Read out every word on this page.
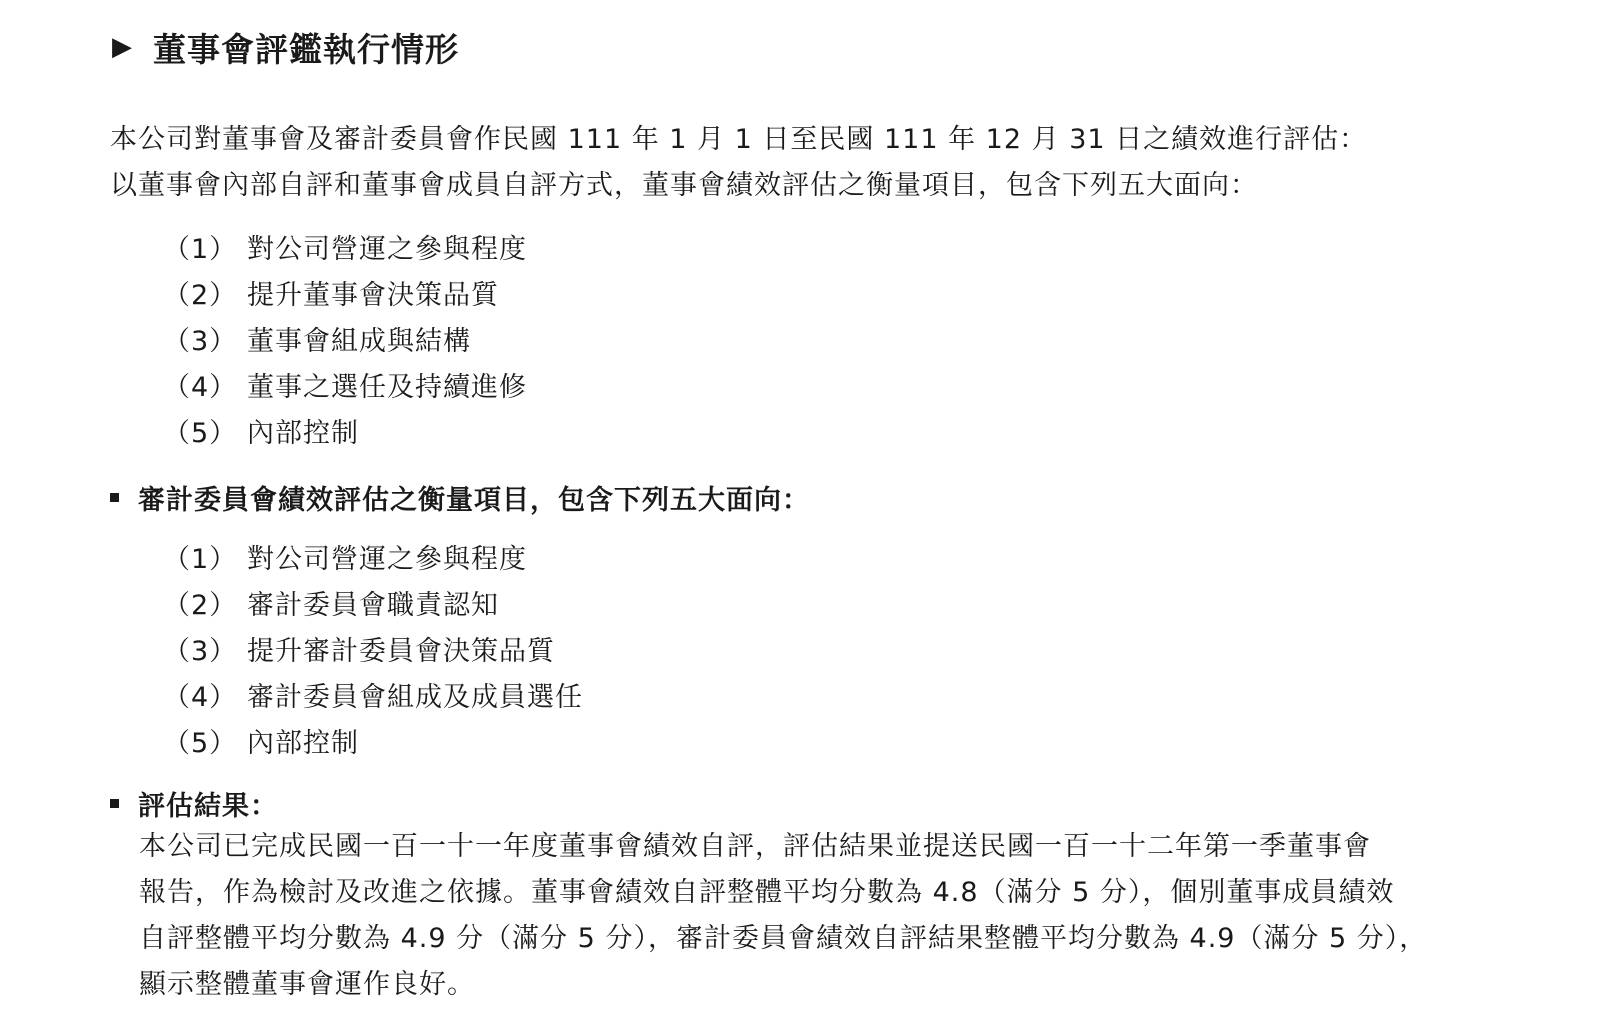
▶ 董事會評鑑執行情形
本公司對董事會及審計委員會作民國 111 年 1 月 1 日至民國 111 年 12 月 31 日之績效進行評估：
以董事會內部自評和董事會成員自評方式，董事會績效評估之衡量項目，包含下列五大面向：
（1） 對公司營運之參與程度
（2） 提升董事會決策品質
（3） 董事會組成與結構
（4） 董事之選任及持續進修
（5） 內部控制
審計委員會績效評估之衡量項目，包含下列五大面向：
（1） 對公司營運之參與程度
（2） 審計委員會職責認知
（3） 提升審計委員會決策品質
（4） 審計委員會組成及成員選任
（5） 內部控制
評估結果：
本公司已完成民國一百一十一年度董事會績效自評，評估結果並提送民國一百一十二年第一季董事會
報告，作為檢討及改進之依據。董事會績效自評整體平均分數為 4.8（滿分 5 分），個別董事成員績效
自評整體平均分數為 4.9 分（滿分 5 分），審計委員會績效自評結果整體平均分數為 4.9（滿分 5 分），
顯示整體董事會運作良好。
